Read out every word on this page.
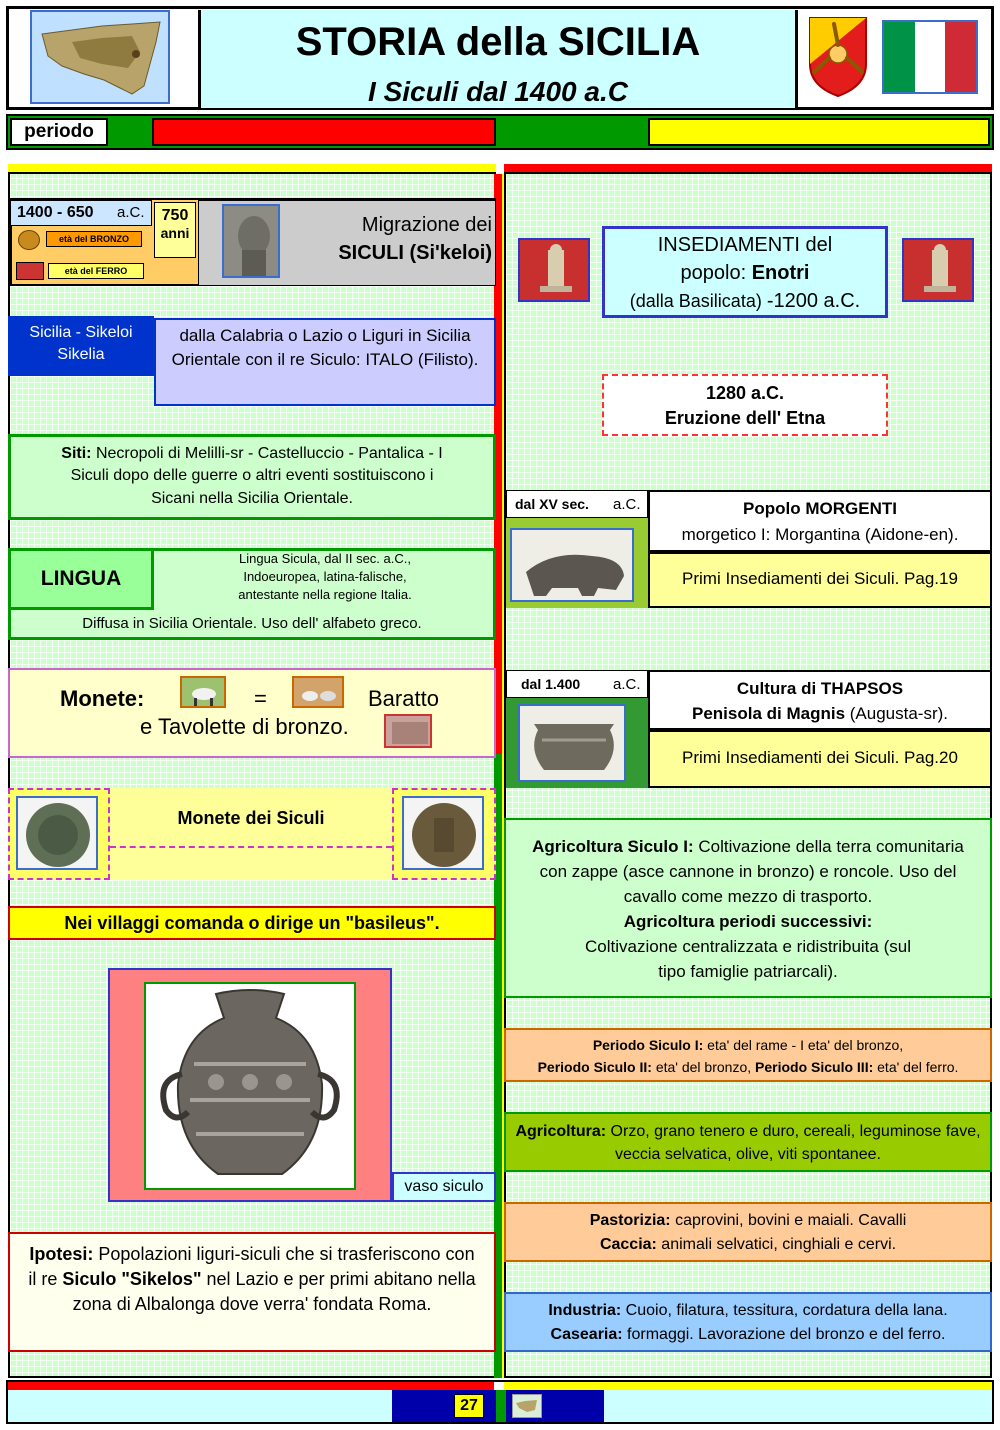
STORIA della SICILIA
I Siculi dal 1400 a.C
periodo
1400 - 650 a.C.	750
anni
età del BRONZO
età del FERRO
Migrazione dei
SICULI (Si'keloi)
Sicilia - Sikeloi
Sikelia
dalla Calabria o Lazio o Liguri in Sicilia Orientale con il re Siculo: ITALO (Filisto).
Siti: Necropoli di Melilli-sr - Castelluccio - Pantalica - I Siculi dopo delle guerre o altri eventi sostituiscono i Sicani nella Sicilia Orientale.
LINGUA
Lingua Sicula, dal II sec. a.C.,
Indoeuropea, latina-falische,
antestante nella regione Italia.
Diffusa in Sicilia Orientale. Uso dell' alfabeto greco.
Monete:	=	Baratto
e Tavolette di bronzo.
Monete dei Siculi
Nei villaggi comanda o dirige un "basileus".
vaso siculo
Ipotesi: Popolazioni liguri-siculi che si trasferiscono con il re Siculo "Sikelos" nel Lazio e per primi abitano nella zona di Albalonga dove verra' fondata Roma.
INSEDIAMENTI del
popolo: Enotri
(dalla Basilicata) -1200 a.C.
1280 a.C.
Eruzione dell' Etna
dal XV sec. a.C.	Popolo MORGENTI
morgetico I: Morgantina (Aidone-en).
Primi Insediamenti dei Siculi. Pag.19
dal 1.400 a.C.	Cultura di THAPSOS
Penisola di Magnis (Augusta-sr).
Primi Insediamenti dei Siculi. Pag.20
Agricoltura Siculo I: Coltivazione della terra comunitaria con zappe (asce cannone in bronzo) e roncole. Uso del cavallo come mezzo di trasporto.
Agricoltura periodi successivi:
Coltivazione centralizzata e ridistribuita (sul tipo famiglie patriarcali).
Periodo Siculo I: eta' del rame - I eta' del bronzo,
Periodo Siculo II: eta' del bronzo, Periodo Siculo III: eta' del ferro.
Agricoltura: Orzo, grano tenero e duro, cereali, leguminose fave, veccia selvatica, olive, viti spontanee.
Pastorizia: caprovini, bovini e maiali. Cavalli
Caccia: animali selvatici, cinghiali e cervi.
Industria: Cuoio, filatura, tessitura, cordatura della lana.
Casearia: formaggi. Lavorazione del bronzo e del ferro.
27
